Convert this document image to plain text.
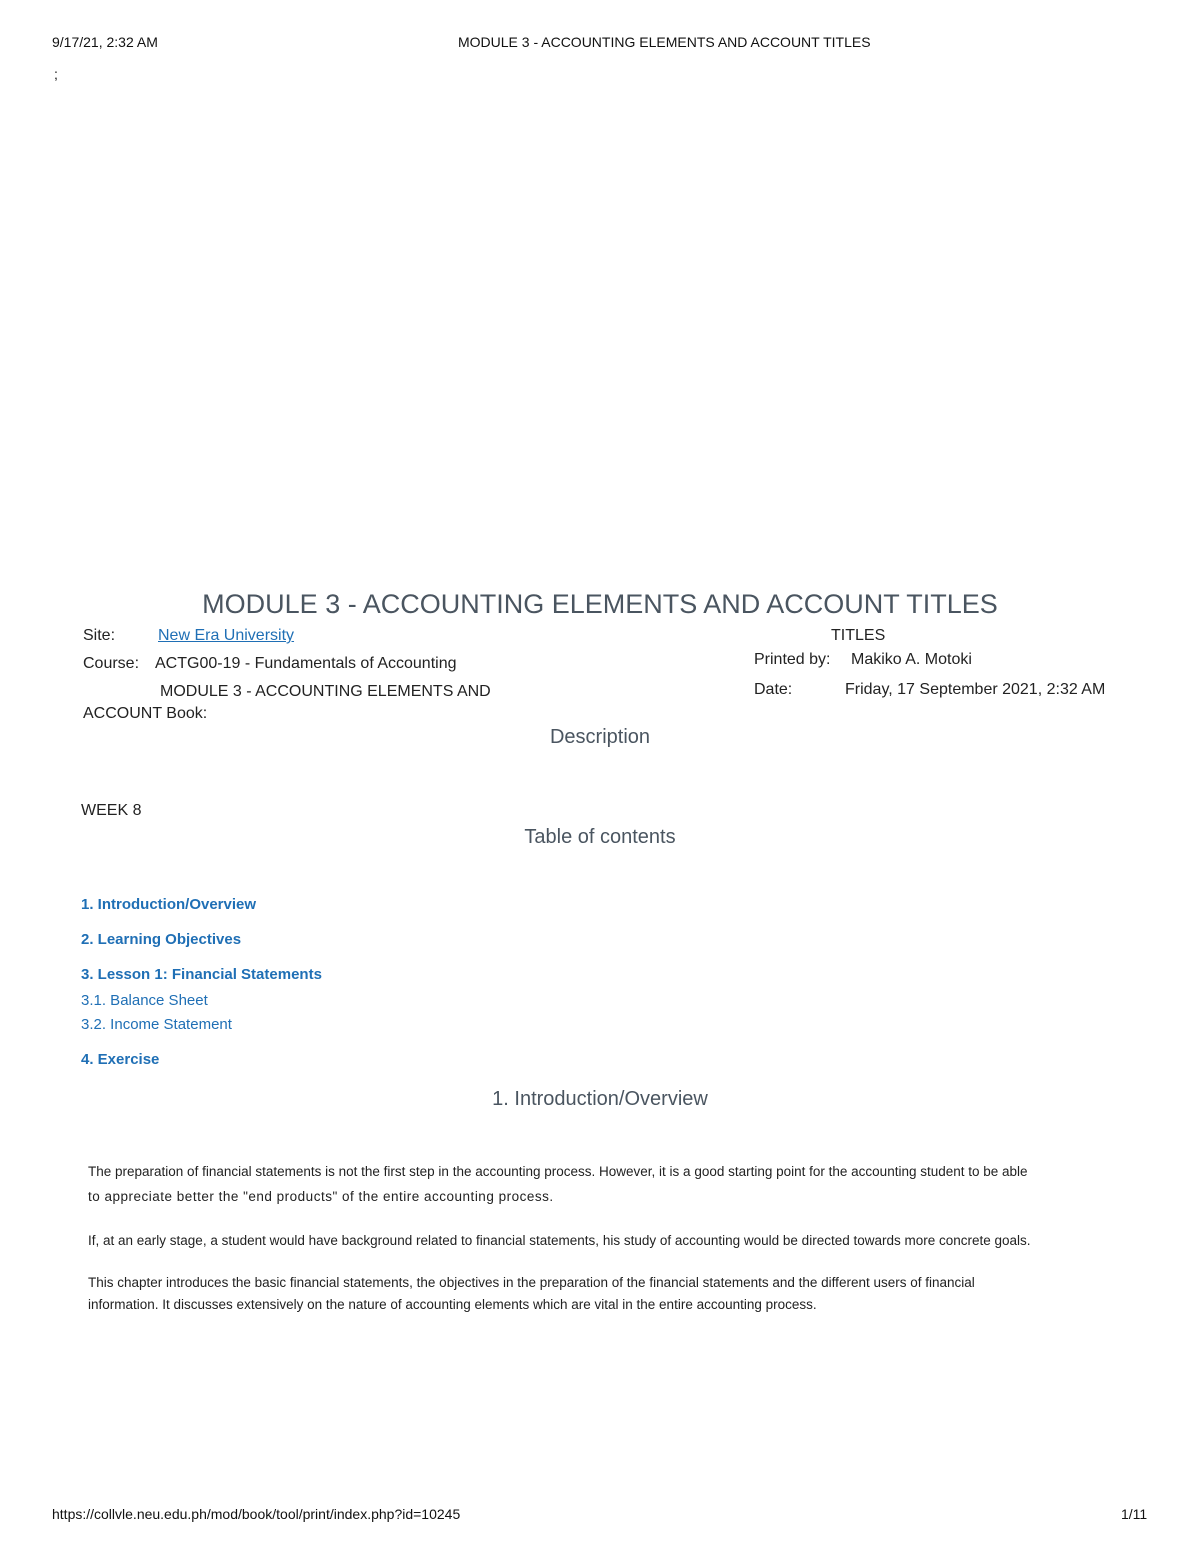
9/17/21, 2:32 AM	MODULE 3 - ACCOUNTING ELEMENTS AND ACCOUNT TITLES
;
MODULE 3 - ACCOUNTING ELEMENTS AND ACCOUNT TITLES
Site:	New Era University
Course: ACTG00-19 - Fundamentals of Accounting
MODULE 3 - ACCOUNTING ELEMENTS AND
ACCOUNT Book:
TITLES
Printed by: Makiko A. Motoki
Date:	Friday, 17 September 2021, 2:32 AM
Description
WEEK 8
Table of contents
1. Introduction/Overview
2. Learning Objectives
3. Lesson 1: Financial Statements
3.1. Balance Sheet
3.2. Income Statement
4. Exercise
1. Introduction/Overview
The preparation of financial statements is not the first step in the accounting process. However, it is a good starting point for the accounting student to be able
to appreciate better the "end products" of the entire accounting process.
If, at an early stage, a student would have background related to financial statements, his study of accounting would be directed towards more concrete goals.
This chapter introduces the basic financial statements, the objectives in the preparation of the financial statements and the different users of financial
information. It discusses extensively on the nature of accounting elements which are vital in the entire accounting process.
https://collvle.neu.edu.ph/mod/book/tool/print/index.php?id=10245	1/11
